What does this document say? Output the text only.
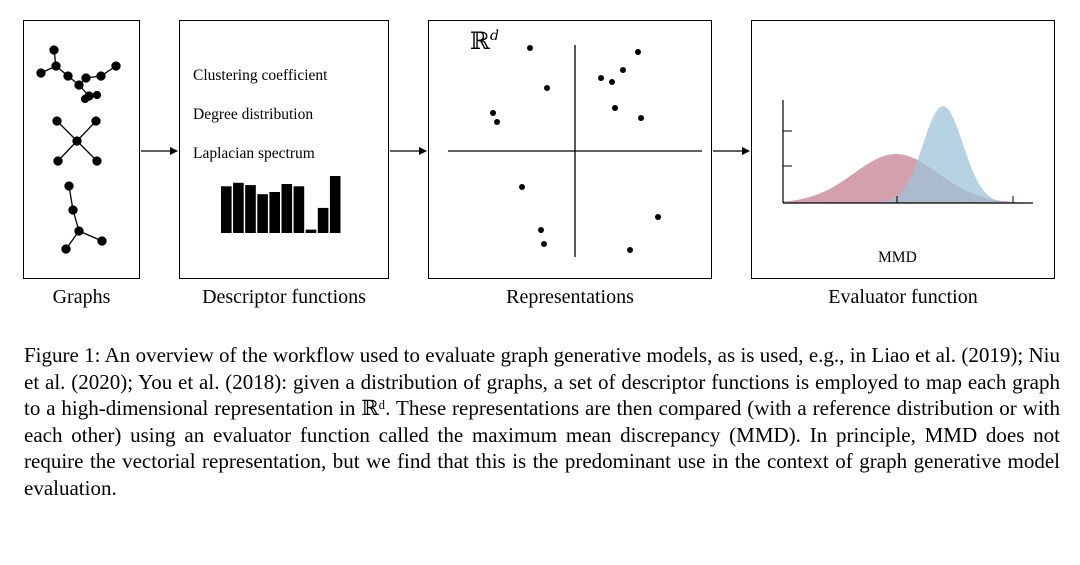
Clustering coefficient
Degree distribution
Laplacian spectrum
ℝ$^d$
MMD
Graphs	Descriptor functions	Representations	Evaluator function
Figure 1: An overview of the workflow used to evaluate graph generative models, as is used, e.g., in Liao et al. (2019); Niu et al. (2020); You et al. (2018): given a distribution of graphs, a set of descriptor functions is employed to map each graph to a high-dimensional representation in ℝᵈ. These representations are then compared (with a reference distribution or with each other) using an evaluator function called the maximum mean discrepancy (MMD). In principle, MMD does not require the vectorial representation, but we find that this is the predominant use in the context of graph generative model evaluation.
